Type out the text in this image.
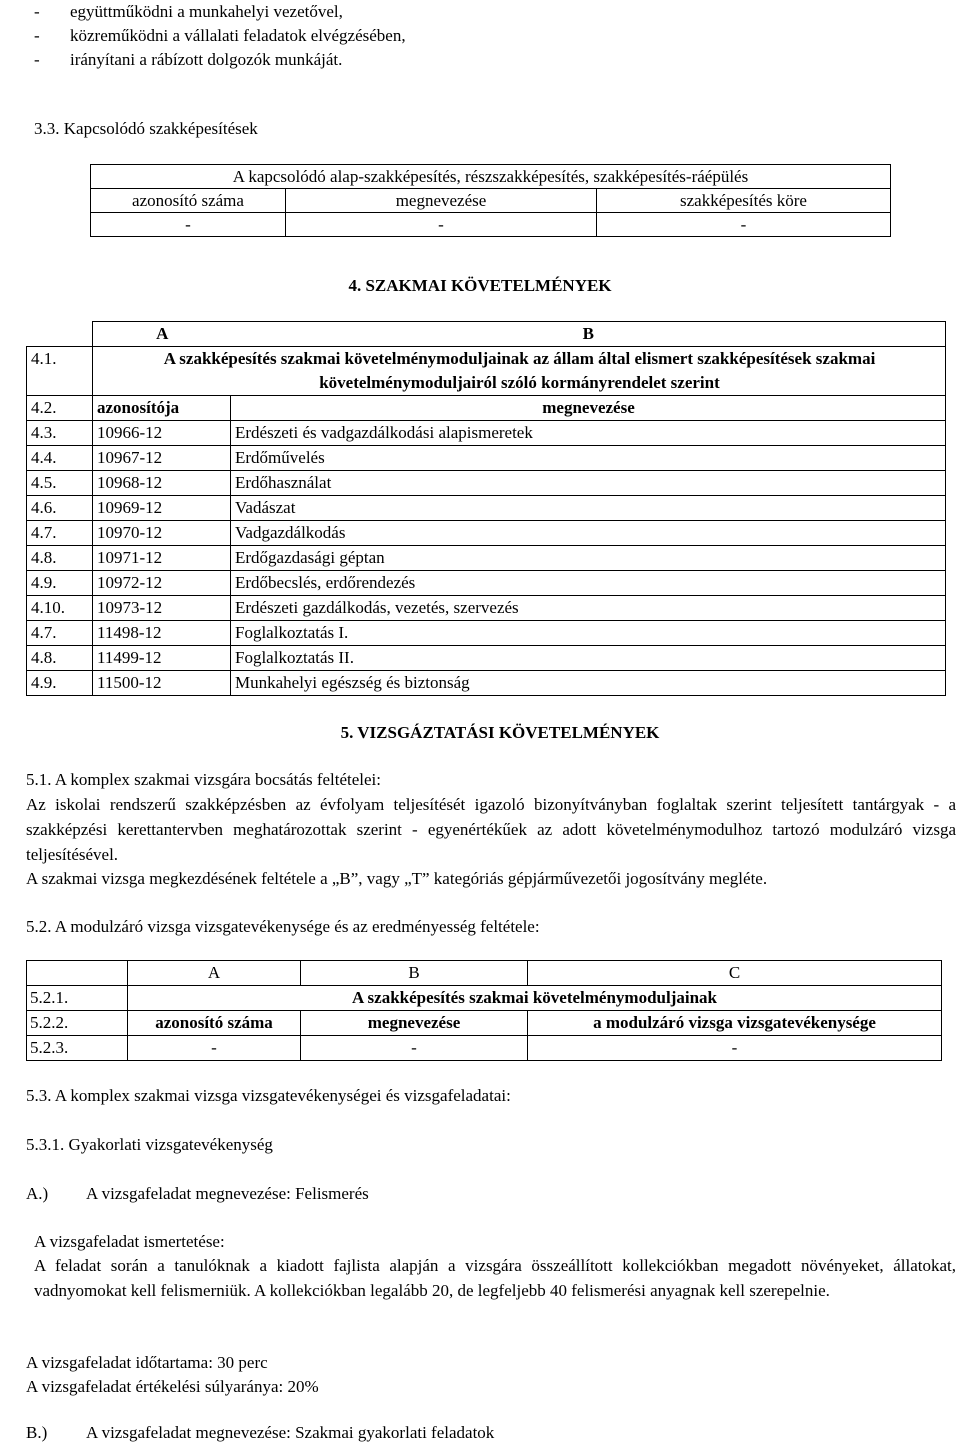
- együttműködni a munkahelyi vezetővel,
- közreműködni a vállalati feladatok elvégzésében,
- irányítani a rábízott dolgozók munkáját.
3.3. Kapcsolódó szakképesítések
A kapcsolódó alap-szakképesítés, részszakképesítés, szakképesítés-ráépülés		
azonosító száma	megnevezése	szakképesítés köre
-	-	-
4. SZAKMAI KÖVETELMÉNYEK
	A	B
4.1.	A szakképesítés szakmai követelménymoduljainak az állam által elismert szakképesítések szakmai követelménymoduljairól szóló kormányrendelet szerint	
4.2.	azonosítója	megnevezése
4.3.	10966-12	Erdészeti és vadgazdálkodási alapismeretek
4.4.	10967-12	Erdőművelés
4.5.	10968-12	Erdőhasználat
4.6.	10969-12	Vadászat
4.7.	10970-12	Vadgazdálkodás
4.8.	10971-12	Erdőgazdasági géptan
4.9.	10972-12	Erdőbecslés, erdőrendezés
4.10.	10973-12	Erdészeti gazdálkodás, vezetés, szervezés
4.7.	11498-12	Foglalkoztatás I.
4.8.	11499-12	Foglalkoztatás II.
4.9.	11500-12	Munkahelyi egészség és biztonság
5. VIZSGÁZTATÁSI KÖVETELMÉNYEK
5.1. A komplex szakmai vizsgára bocsátás feltételei:
Az iskolai rendszerű szakképzésben az évfolyam teljesítését igazoló bizonyítványban foglaltak szerint teljesített tantárgyak - a szakképzési kerettantervben meghatározottak szerint - egyenértékűek az adott követelménymodulhoz tartozó modulzáró vizsga teljesítésével.
A szakmai vizsga megkezdésének feltétele a „B”, vagy „T” kategóriás gépjárművezetői jogosítvány megléte.
5.2. A modulzáró vizsga vizsgatevékenysége és az eredményesség feltétele:
	A	B	C
5.2.1.	A szakképesítés szakmai követelménymoduljainak		
5.2.2.	azonosító száma	megnevezése	a modulzáró vizsga vizsgatevékenysége
5.2.3.	-	-	-
5.3. A komplex szakmai vizsga vizsgatevékenységei és vizsgafeladatai:
5.3.1. Gyakorlati vizsgatevékenység
A.) A vizsgafeladat megnevezése: Felismerés
A vizsgafeladat ismertetése:
A feladat során a tanulóknak a kiadott fajlista alapján a vizsgára összeállított kollekciókban megadott növényeket, állatokat, vadnyomokat kell felismerniük. A kollekciókban legalább 20, de legfeljebb 40 felismerési anyagnak kell szerepelnie.
A vizsgafeladat időtartama: 30 perc
A vizsgafeladat értékelési súlyaránya: 20%
B.) A vizsgafeladat megnevezése: Szakmai gyakorlati feladatok
